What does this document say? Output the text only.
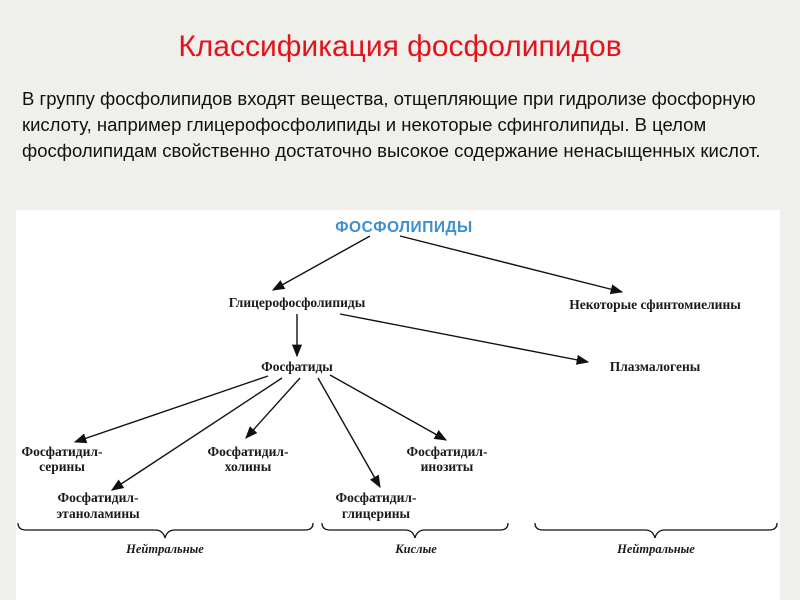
Классификация фосфолипидов
В группу фосфолипидов входят вещества, отщепляющие при гидролизе фосфорную кислоту, например глицерофосфолипиды и некоторые сфинголипиды. В целом фосфолипидам свойственно достаточно высокое содержание ненасыщенных кислот.
ФОСФОЛИПИДЫ
Глицерофосфолипиды	Некоторые сфинтомиелины
Фосфатиды	Плазмалогены
Фосфатидил-
серины
Фосфатидил-
холины
Фосфатидил-
инозиты
Фосфатидил-
этаноламины
Фосфатидил-
глицерины
Нейтральные	Кислые	Нейтральные
